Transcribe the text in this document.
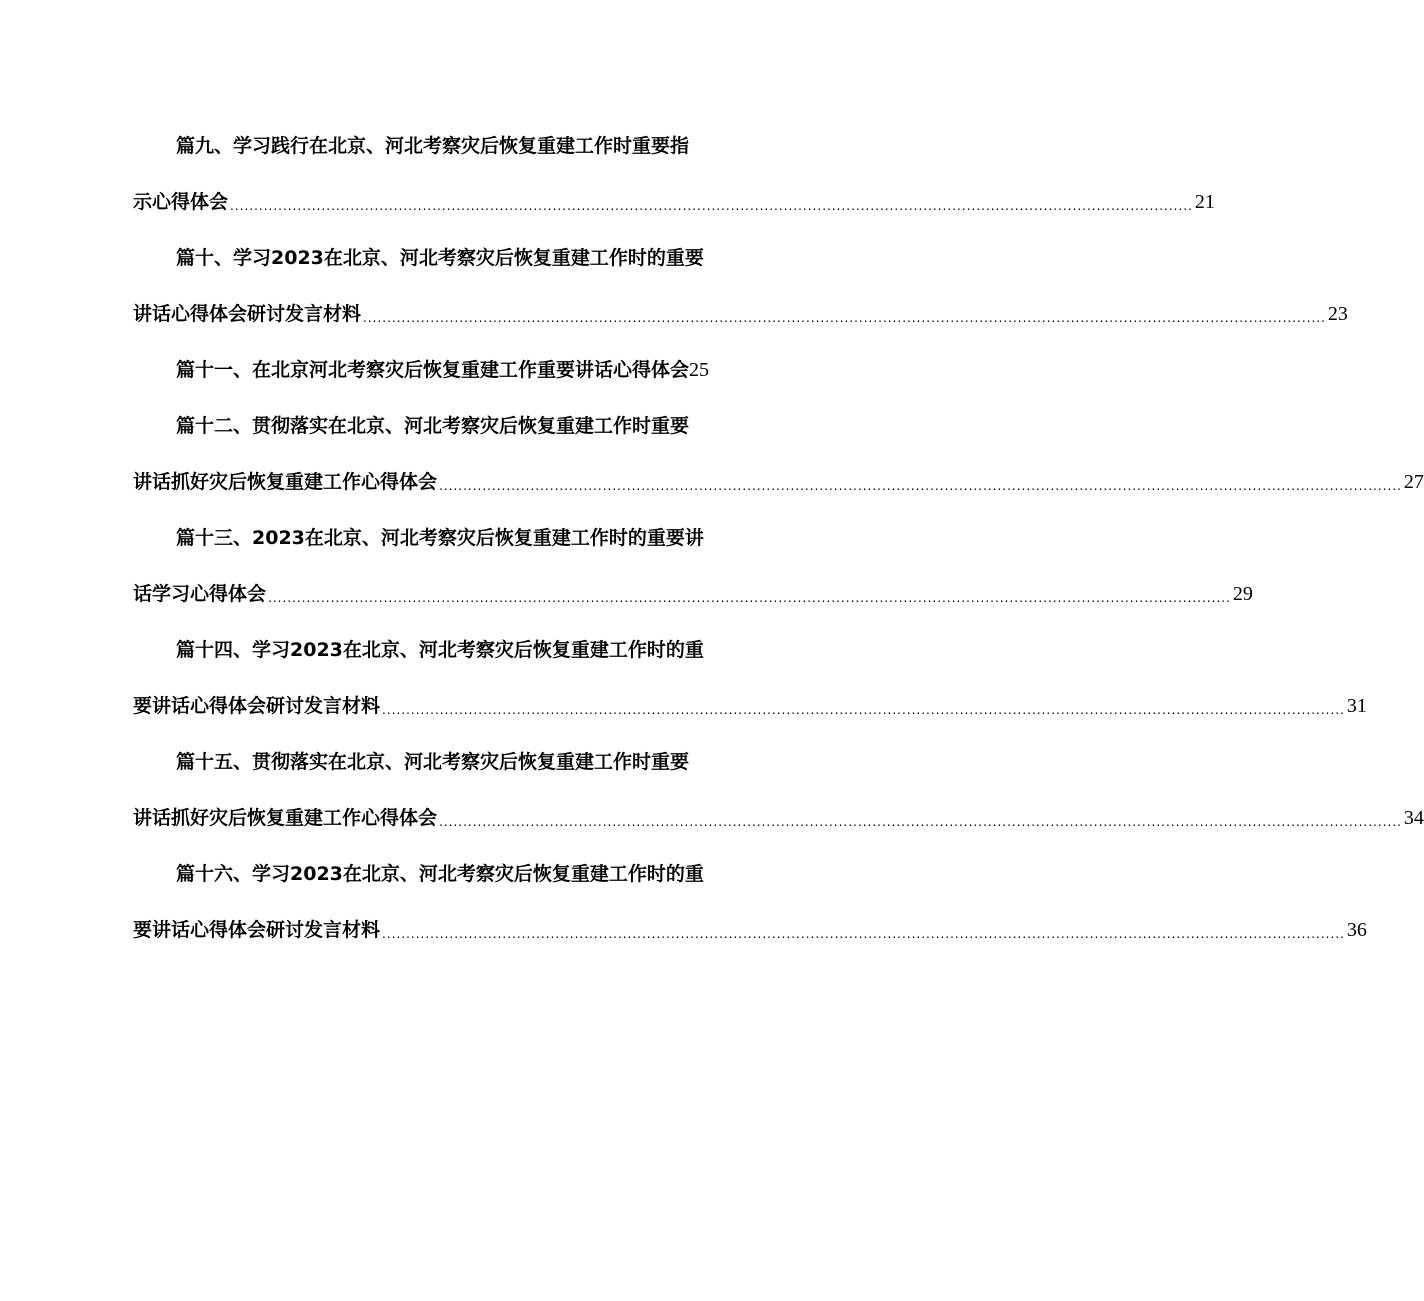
篇九、学习践行在北京、河北考察灾后恢复重建工作时重要指
示心得体会 ........................................................................................................................................................................................................ 21
篇十、学习2023在北京、河北考察灾后恢复重建工作时的重要
讲话心得体会研讨发言材料 ........................................................................................................................................................................................................ 23
篇十一、在北京河北考察灾后恢复重建工作重要讲话心得体会25
篇十二、贯彻落实在北京、河北考察灾后恢复重建工作时重要
讲话抓好灾后恢复重建工作心得体会 ........................................................................................................................................................................................................ 27
篇十三、2023在北京、河北考察灾后恢复重建工作时的重要讲
话学习心得体会 ........................................................................................................................................................................................................ 29
篇十四、学习2023在北京、河北考察灾后恢复重建工作时的重
要讲话心得体会研讨发言材料 ........................................................................................................................................................................................................ 31
篇十五、贯彻落实在北京、河北考察灾后恢复重建工作时重要
讲话抓好灾后恢复重建工作心得体会 ........................................................................................................................................................................................................ 34
篇十六、学习2023在北京、河北考察灾后恢复重建工作时的重
要讲话心得体会研讨发言材料 ........................................................................................................................................................................................................ 36
